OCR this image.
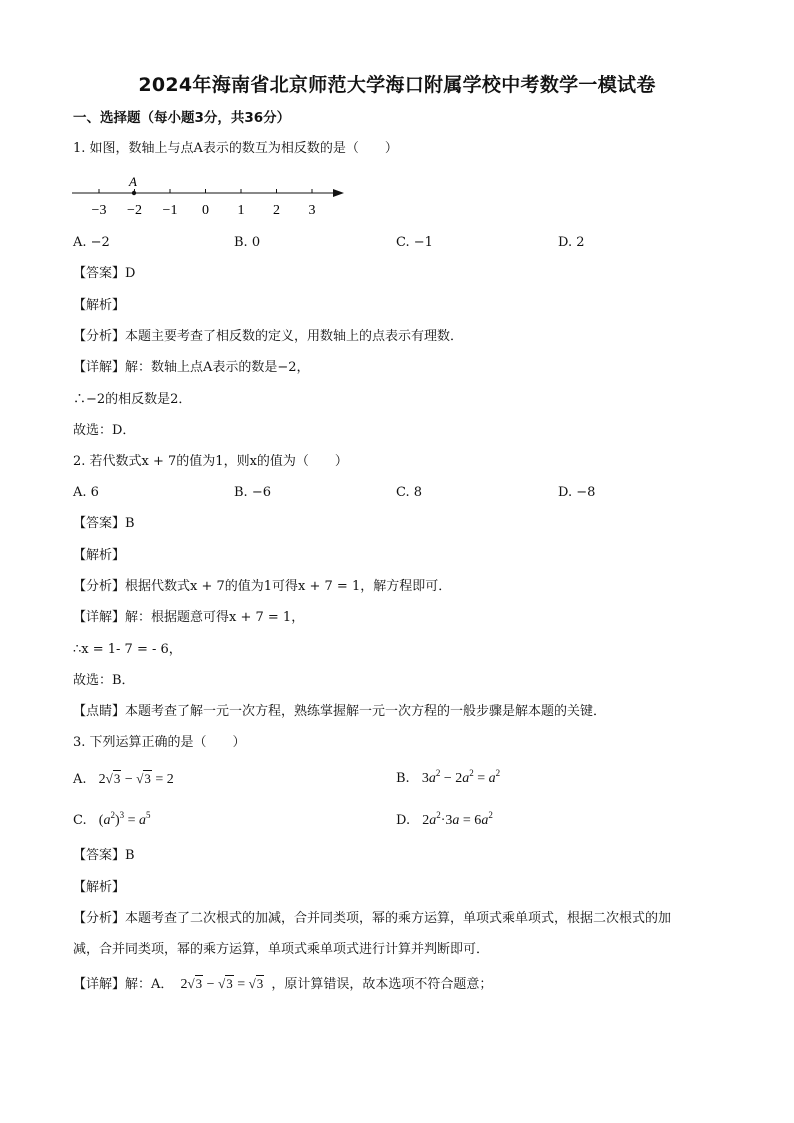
2024年海南省北京师范大学海口附属学校中考数学一模试卷
一、选择题（每小题3分，共36分）
1. 如图，数轴上与点A表示的数互为相反数的是（　　）
−3 −2 −1 0 1 2 3
A
A. −2	B. 0	C. −1	D. 2
【答案】D
【解析】
【分析】本题主要考查了相反数的定义，用数轴上的点表示有理数．
【详解】解：数轴上点A表示的数是−2，
∴−2的相反数是2．
故选：D．
2. 若代数式x + 7的值为1，则x的值为（　　）
A. 6	B. −6	C. 8	D. −8
【答案】B
【解析】
【分析】根据代数式x + 7的值为1可得x + 7 = 1，解方程即可．
【详解】解：根据题意可得x + 7 = 1，
∴x = 1- 7 = - 6，
故选：B．
【点睛】本题考查了解一元一次方程，熟练掌握解一元一次方程的一般步骤是解本题的关键．
3. 下列运算正确的是（　　）
A. 2√3 − √3 = 2	B. $3a^2 - 2a^2 = a^2$
C. $(a^2)^3 = a^5$	D. $2a^2\cdot 3a = 6a^2$
【答案】B
【解析】
【分析】本题考查了二次根式的加减，合并同类项，幂的乘方运算，单项式乘单项式，根据二次根式的加
减，合并同类项，幂的乘方运算，单项式乘单项式进行计算并判断即可．
【详解】解：A． 2√3 − √3 = √3 ，原计算错误，故本选项不符合题意；
